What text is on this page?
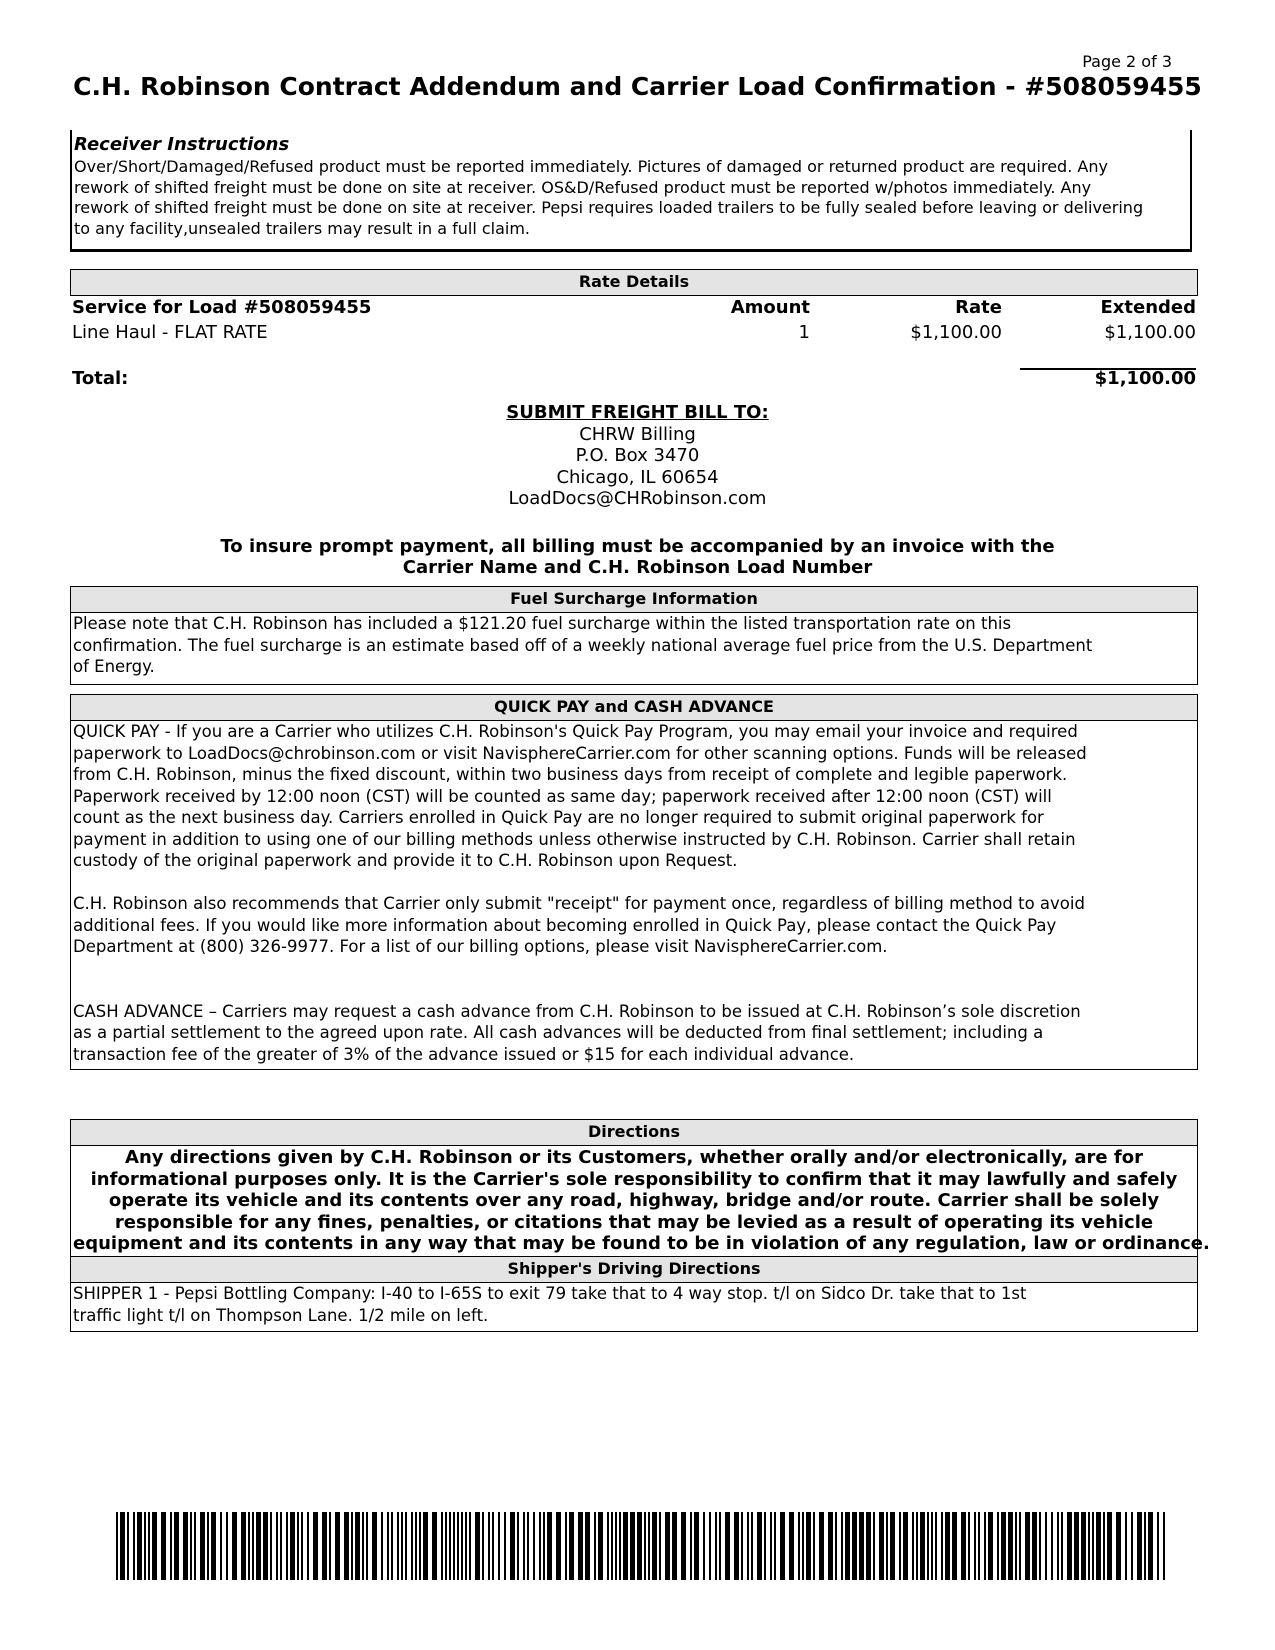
Page 2 of 3
C.H. Robinson Contract Addendum and Carrier Load Confirmation - #508059455
Receiver Instructions
Over/Short/Damaged/Refused product must be reported immediately. Pictures of damaged or returned product are required. Any
rework of shifted freight must be done on site at receiver. OS&D/Refused product must be reported w/photos immediately. Any
rework of shifted freight must be done on site at receiver. Pepsi requires loaded trailers to be fully sealed before leaving or delivering
to any facility,unsealed trailers may result in a full claim.
Rate Details
Service for Load #508059455	Amount	Rate	Extended
Line Haul - FLAT RATE	1	$1,100.00	$1,100.00
Total:	$1,100.00
SUBMIT FREIGHT BILL TO:
CHRW Billing
P.O. Box 3470
Chicago, IL 60654
LoadDocs@CHRobinson.com
To insure prompt payment, all billing must be accompanied by an invoice with the
Carrier Name and C.H. Robinson Load Number
Fuel Surcharge Information
Please note that C.H. Robinson has included a $121.20 fuel surcharge within the listed transportation rate on this
confirmation. The fuel surcharge is an estimate based off of a weekly national average fuel price from the U.S. Department
of Energy.
QUICK PAY and CASH ADVANCE

QUICK PAY - If you are a Carrier who utilizes C.H. Robinson's Quick Pay Program, you may email your invoice and required
paperwork to LoadDocs@chrobinson.com or visit NavisphereCarrier.com for other scanning options. Funds will be released
from C.H. Robinson, minus the fixed discount, within two business days from receipt of complete and legible paperwork.
Paperwork received by 12:00 noon (CST) will be counted as same day; paperwork received after 12:00 noon (CST) will
count as the next business day. Carriers enrolled in Quick Pay are no longer required to submit original paperwork for
payment in addition to using one of our billing methods unless otherwise instructed by C.H. Robinson. Carrier shall retain
custody of the original paperwork and provide it to C.H. Robinson upon Request.

C.H. Robinson also recommends that Carrier only submit "receipt" for payment once, regardless of billing method to avoid
additional fees. If you would like more information about becoming enrolled in Quick Pay, please contact the Quick Pay
Department at (800) 326-9977. For a list of our billing options, please visit NavisphereCarrier.com.

CASH ADVANCE – Carriers may request a cash advance from C.H. Robinson to be issued at C.H. Robinson’s sole discretion
as a partial settlement to the agreed upon rate. All cash advances will be deducted from final settlement; including a
transaction fee of the greater of 3% of the advance issued or $15 for each individual advance.

Directions
Any directions given by C.H. Robinson or its Customers, whether orally and/or electronically, are for
informational purposes only. It is the Carrier's sole responsibility to confirm that it may lawfully and safely
operate its vehicle and its contents over any road, highway, bridge and/or route. Carrier shall be solely
responsible for any fines, penalties, or citations that may be levied as a result of operating its vehicle
equipment and its contents in any way that may be found to be in violation of any regulation, law or ordinance.
Shipper's Driving Directions
SHIPPER 1 - Pepsi Bottling Company: I-40 to I-65S to exit 79 take that to 4 way stop. t/l on Sidco Dr. take that to 1st
traffic light t/l on Thompson Lane. 1/2 mile on left.
